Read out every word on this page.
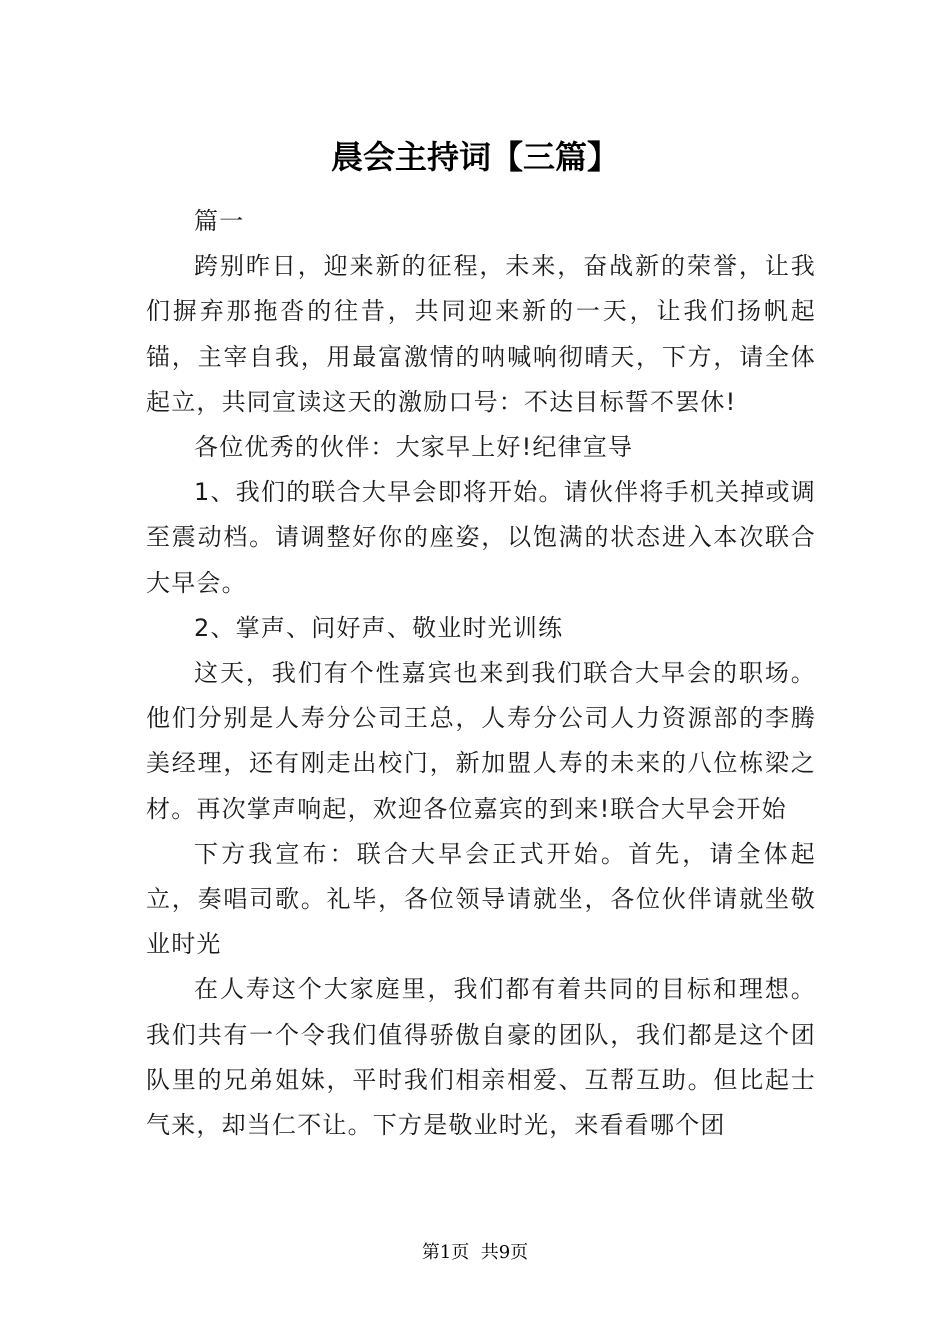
晨会主持词【三篇】

篇一

跨别昨日，迎来新的征程，未来，奋战新的荣誉，让我们摒弃那拖沓的往昔，共同迎来新的一天，让我们扬帆起锚，主宰自我，用最富激情的呐喊响彻晴天，下方，请全体起立，共同宣读这天的激励口号：不达目标誓不罢休!

各位优秀的伙伴：大家早上好!纪律宣导

1、我们的联合大早会即将开始。请伙伴将手机关掉或调至震动档。请调整好你的座姿，以饱满的状态进入本次联合大早会。

2、掌声、问好声、敬业时光训练

这天，我们有个性嘉宾也来到我们联合大早会的职场。他们分别是人寿分公司王总，人寿分公司人力资源部的李腾美经理，还有刚走出校门，新加盟人寿的未来的八位栋梁之材。再次掌声响起，欢迎各位嘉宾的到来!联合大早会开始

下方我宣布：联合大早会正式开始。首先，请全体起立，奏唱司歌。礼毕，各位领导请就坐，各位伙伴请就坐敬业时光

在人寿这个大家庭里，我们都有着共同的目标和理想。我们共有一个令我们值得骄傲自豪的团队，我们都是这个团队里的兄弟姐妹，平时我们相亲相爱、互帮互助。但比起士气来，却当仁不让。下方是敬业时光，来看看哪个团

第1页  共9页
